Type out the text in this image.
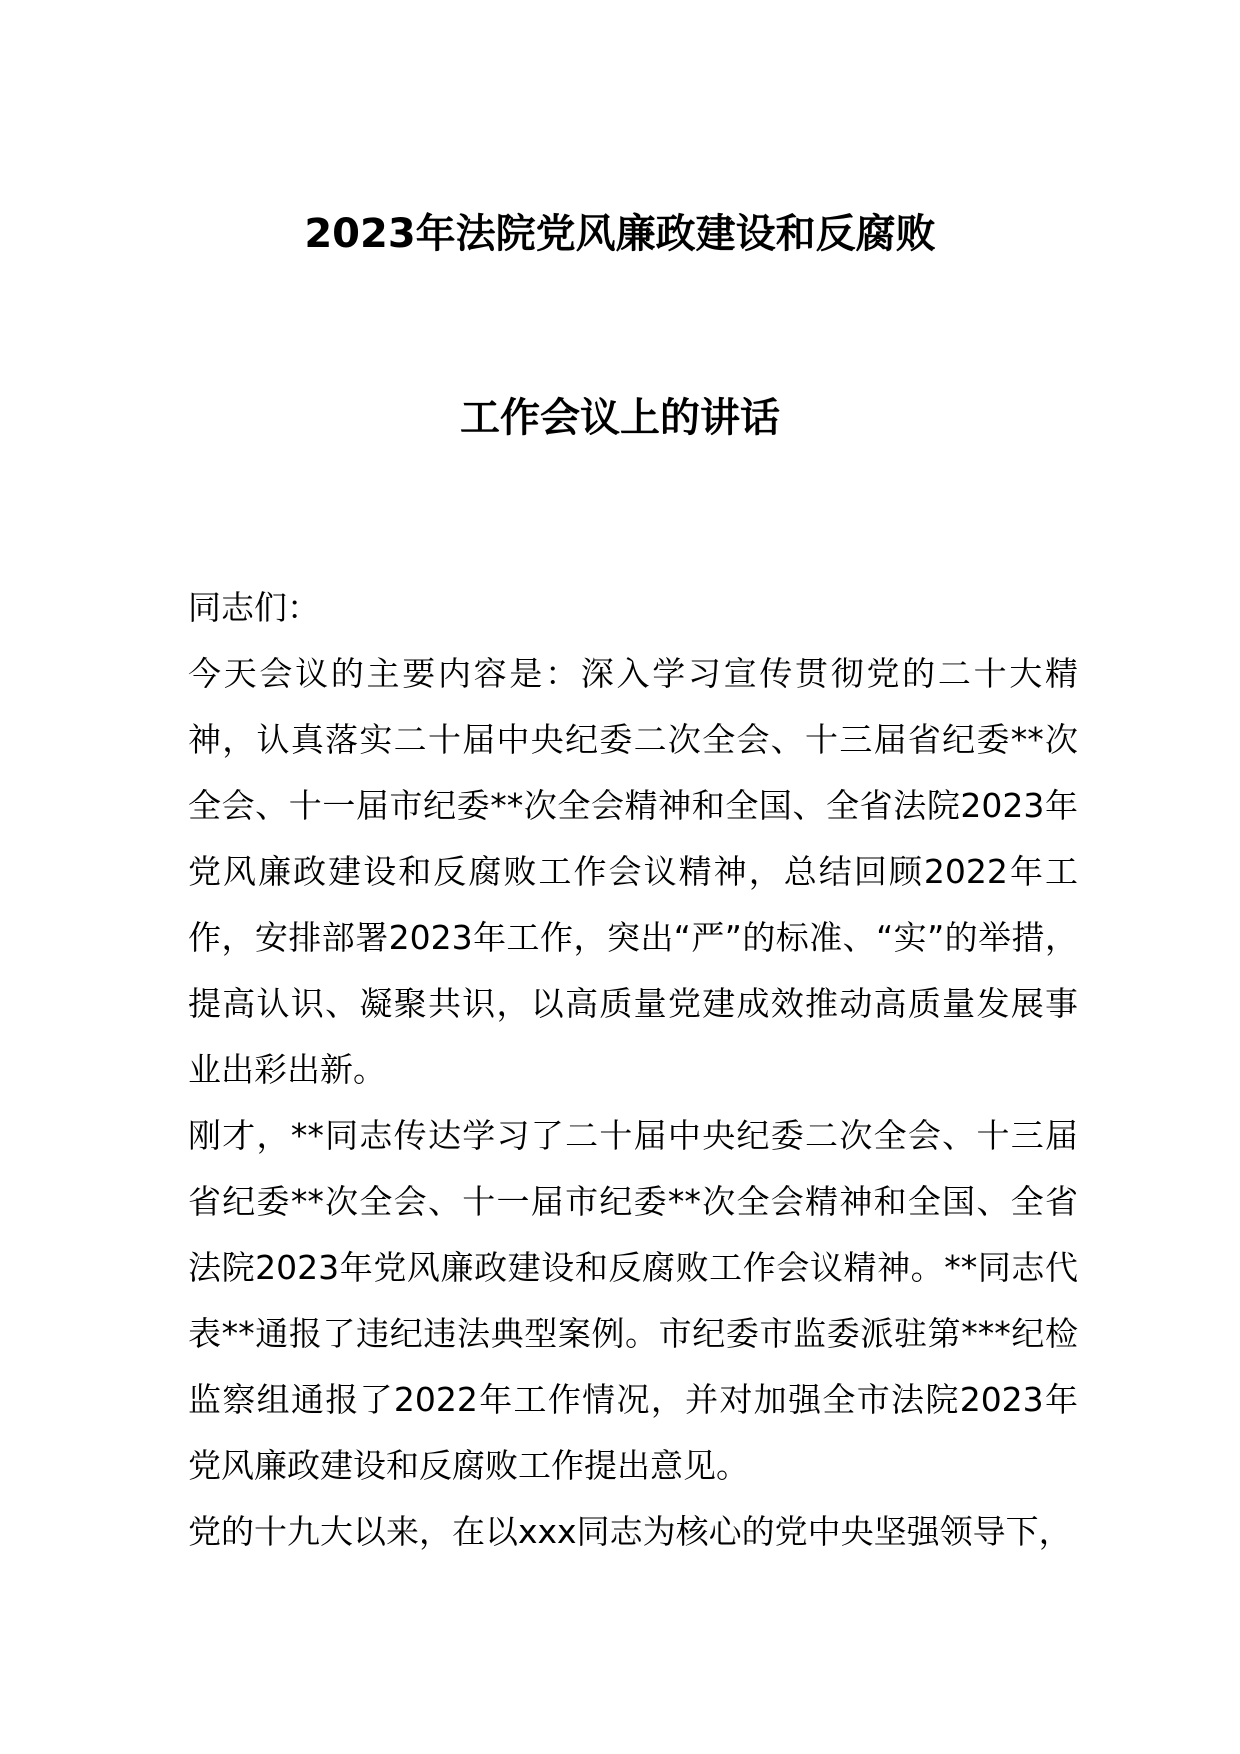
2023年法院党风廉政建设和反腐败
工作会议上的讲话

同志们：

今天会议的主要内容是：深入学习宣传贯彻党的二十大精神，认真落实二十届中央纪委二次全会、十三届省纪委**次全会、十一届市纪委**次全会精神和全国、全省法院2023年党风廉政建设和反腐败工作会议精神，总结回顾2022年工作，安排部署2023年工作，突出“严”的标准、“实”的举措，提高认识、凝聚共识，以高质量党建成效推动高质量发展事业出彩出新。

刚才，**同志传达学习了二十届中央纪委二次全会、十三届省纪委**次全会、十一届市纪委**次全会精神和全国、全省法院2023年党风廉政建设和反腐败工作会议精神。**同志代表**通报了违纪违法典型案例。市纪委市监委派驻第***纪检监察组通报了2022年工作情况，并对加强全市法院2023年党风廉政建设和反腐败工作提出意见。

党的十九大以来，在以xxx同志为核心的党中央坚强领导下，
